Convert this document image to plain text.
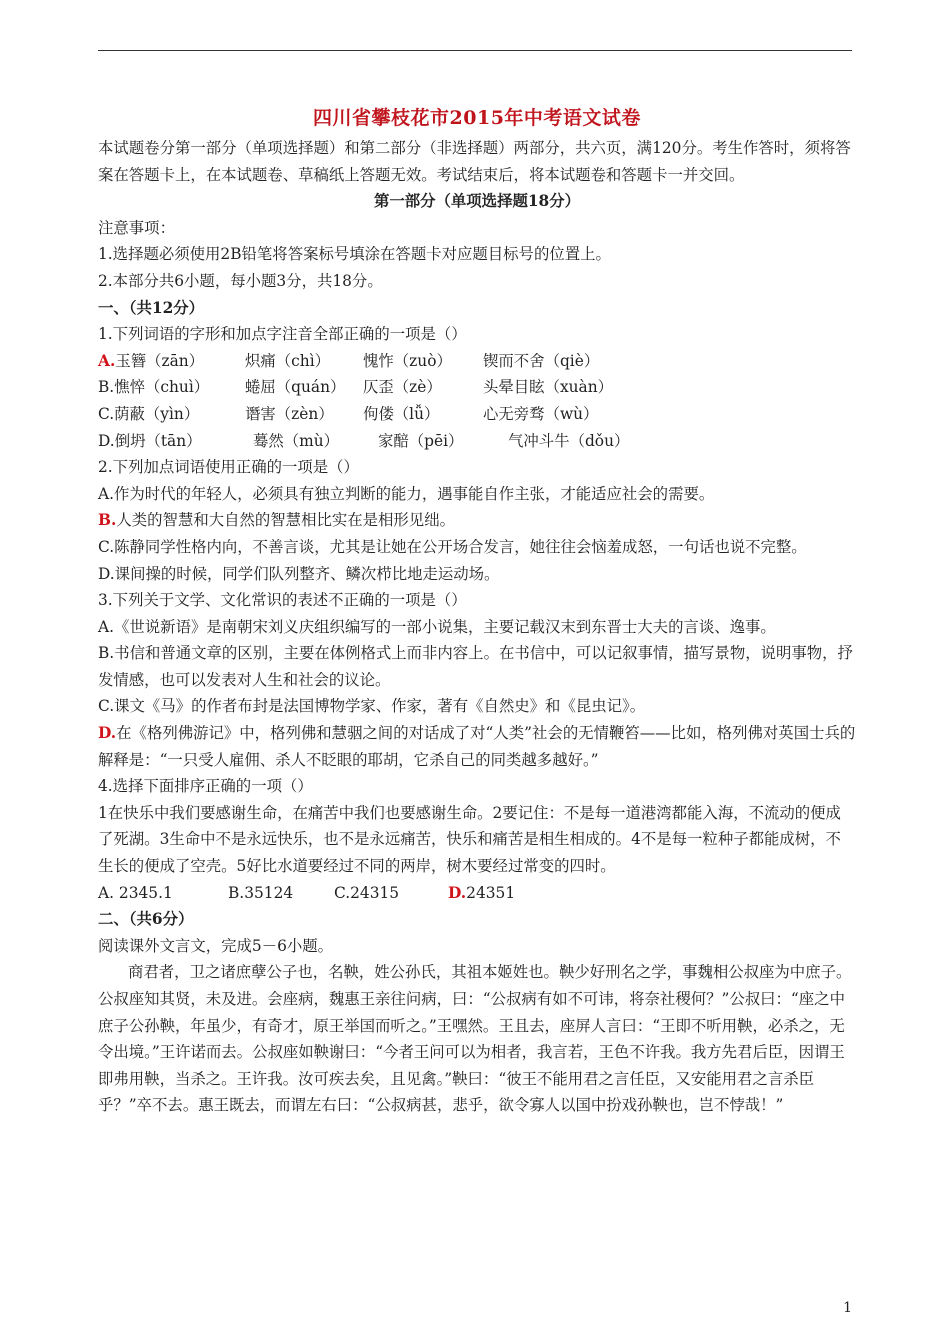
四川省攀枝花市2015年中考语文试卷

本试题卷分第一部分（单项选择题）和第二部分（非选择题）两部分，共六页，满120分。考生作答时，须将答案在答题卡上，在本试题卷、草稿纸上答题无效。考试结束后，将本试题卷和答题卡一并交回。

第一部分（单项选择题18分）

注意事项：

1.选择题必须使用2B铅笔将答案标号填涂在答题卡对应题目标号的位置上。

2.本部分共6小题，每小题3分，共18分。

一、（共12分）

1.下列词语的字形和加点字注音全部正确的一项是（）

A.玉簪（zān）	炽痛（chì）	愧怍（zuò）	锲而不舍（qiè）
B.憔悴（chuì）	蜷屈（quán）	仄歪（zè）	头晕目眩（xuàn）
C.荫蔽（yìn）	谮害（zèn）	佝偻（lǚ）	心无旁骛（wù）
D.倒坍（tān）	蓦然（mù）	家醅（pēi）	气冲斗牛（dǒu）

2.下列加点词语使用正确的一项是（）

A.作为时代的年轻人，必须具有独立判断的能力，遇事能自作主张，才能适应社会的需要。

B.人类的智慧和大自然的智慧相比实在是相形见绌。

C.陈静同学性格内向，不善言谈，尤其是让她在公开场合发言，她往往会恼羞成怒，一句话也说不完整。

D.课间操的时候，同学们队列整齐、鳞次栉比地走运动场。

3.下列关于文学、文化常识的表述不正确的一项是（）

A.《世说新语》是南朝宋刘义庆组织编写的一部小说集，主要记载汉末到东晋士大夫的言谈、逸事。

B.书信和普通文章的区别，主要在体例格式上而非内容上。在书信中，可以记叙事情，描写景物，说明事物，抒发情感，也可以发表对人生和社会的议论。

C.课文《马》的作者布封是法国博物学家、作家，著有《自然史》和《昆虫记》。

D.在《格列佛游记》中，格列佛和慧骃之间的对话成了对“人类”社会的无情鞭笞——比如，格列佛对英国士兵的解释是：“一只受人雇佣、杀人不眨眼的耶胡，它杀自己的同类越多越好。”

4.选择下面排序正确的一项（）

1在快乐中我们要感谢生命，在痛苦中我们也要感谢生命。2要记住：不是每一道港湾都能入海，不流动的便成了死湖。3生命中不是永远快乐，也不是永远痛苦，快乐和痛苦是相生相成的。4不是每一粒种子都能成树，不生长的便成了空壳。5好比水道要经过不同的两岸，树木要经过常变的四时。

A. 2345.1	B.35124	C.24315	D.24351

二、（共6分）

阅读课外文言文，完成5－6小题。

商君者，卫之诸庶孽公子也，名鞅，姓公孙氏，其祖本姬姓也。鞅少好刑名之学，事魏相公叔座为中庶子。公叔座知其贤，未及进。会座病，魏惠王亲往问病，曰：“公叔病有如不可讳，将奈社稷何？”公叔曰：“座之中庶子公孙鞅，年虽少，有奇才，原王举国而听之。”王嘿然。王且去，座屏人言曰：“王即不听用鞅，必杀之，无令出境。”王许诺而去。公叔座如鞅谢曰：“今者王问可以为相者，我言若，王色不许我。我方先君后臣，因谓王即弗用鞅，当杀之。王许我。汝可疾去矣，且见禽。”鞅曰：“彼王不能用君之言任臣，又安能用君之言杀臣乎？”卒不去。惠王既去，而谓左右曰：“公叔病甚，悲乎，欲令寡人以国中扮戏孙鞅也，岂不悖哉！”

1
